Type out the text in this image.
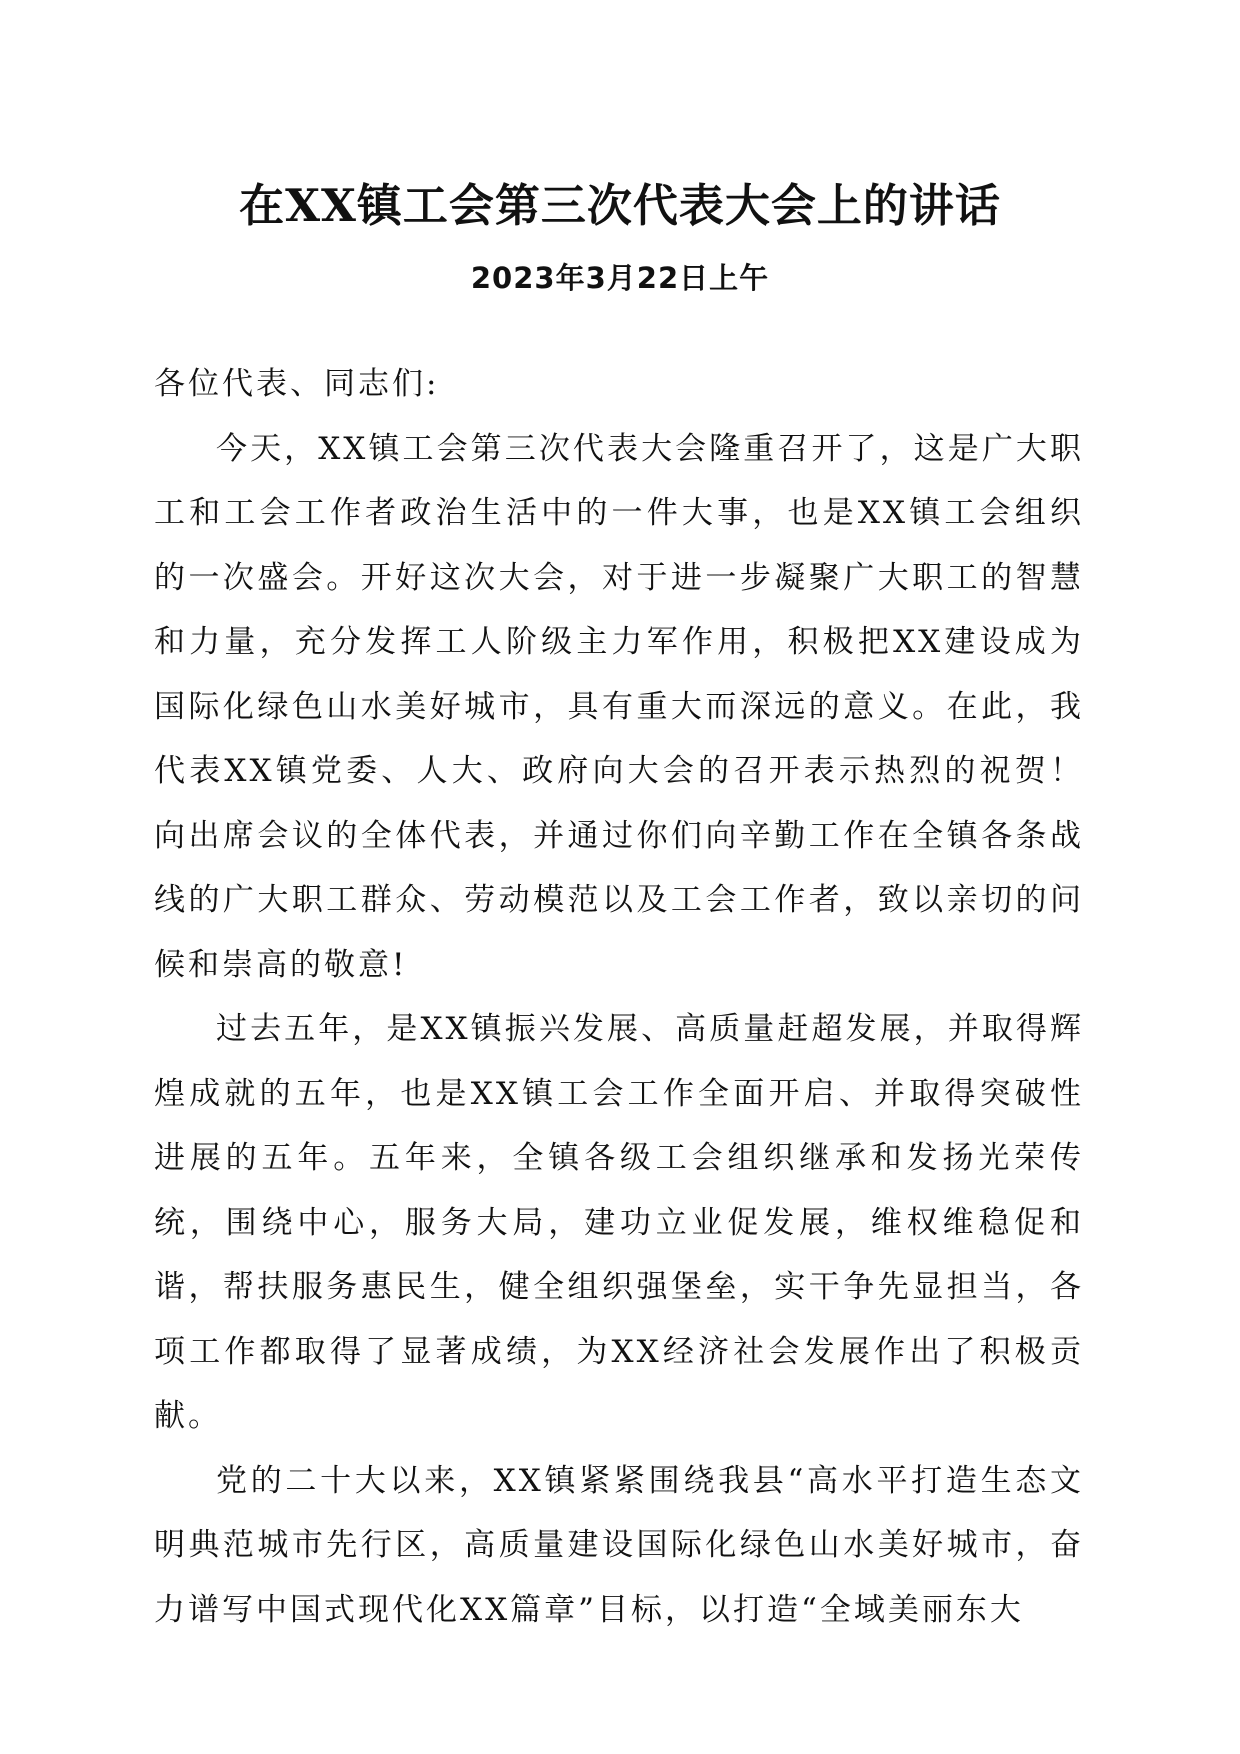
在XX镇工会第三次代表大会上的讲话
2023年3月22日上午

各位代表、同志们:

今天，XX镇工会第三次代表大会隆重召开了，这是广大职工和工会工作者政治生活中的一件大事，也是XX镇工会组织的一次盛会。开好这次大会，对于进一步凝聚广大职工的智慧和力量，充分发挥工人阶级主力军作用，积极把XX建设成为国际化绿色山水美好城市，具有重大而深远的意义。在此，我代表XX镇党委、人大、政府向大会的召开表示热烈的祝贺！向出席会议的全体代表，并通过你们向辛勤工作在全镇各条战线的广大职工群众、劳动模范以及工会工作者，致以亲切的问候和崇高的敬意!

过去五年，是XX镇振兴发展、高质量赶超发展，并取得辉煌成就的五年，也是XX镇工会工作全面开启、并取得突破性进展的五年。五年来，全镇各级工会组织继承和发扬光荣传统，围绕中心，服务大局，建功立业促发展，维权维稳促和谐，帮扶服务惠民生，健全组织强堡垒，实干争先显担当，各项工作都取得了显著成绩，为XX经济社会发展作出了积极贡献。

党的二十大以来，XX镇紧紧围绕我县“高水平打造生态文明典范城市先行区，高质量建设国际化绿色山水美好城市，奋力谱写中国式现代化XX篇章”目标，以打造“全域美丽东大
